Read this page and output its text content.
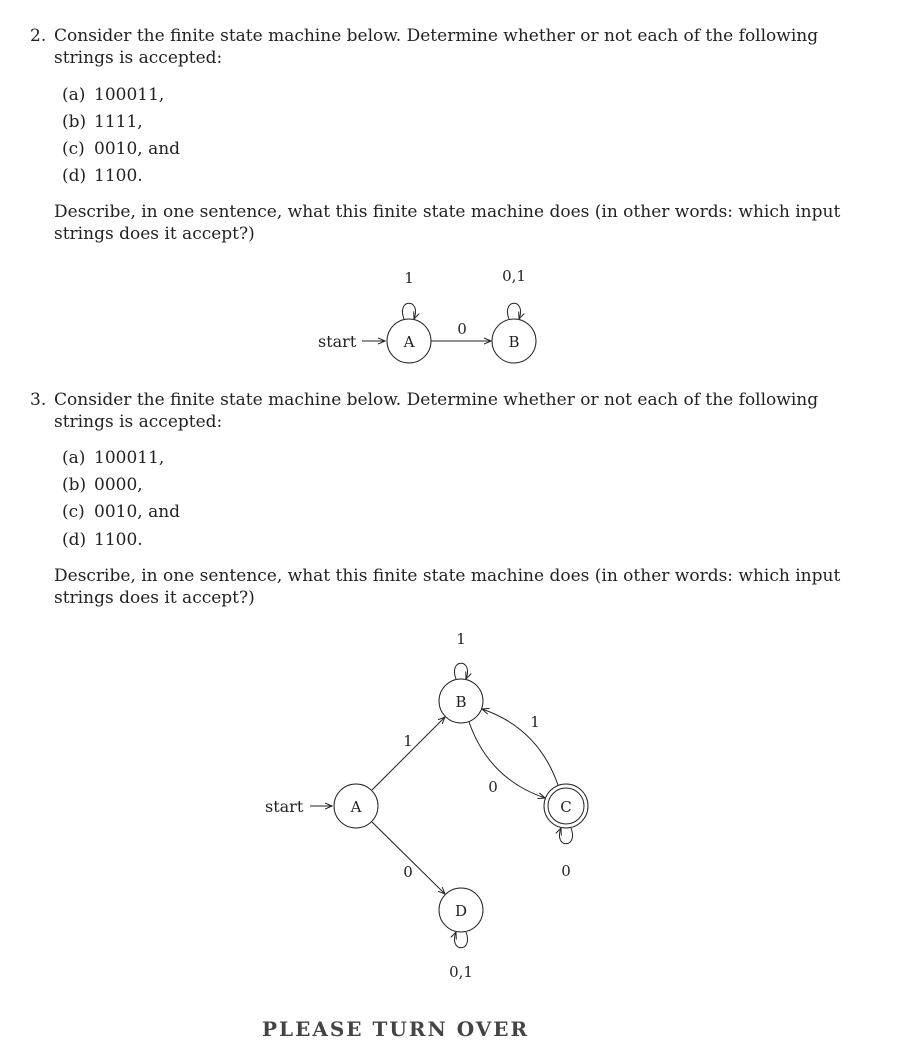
2. Consider the finite state machine below. Determine whether or not each of the following
strings is accepted:
(a) 100011,
(b) 1111,
(c) 0010, and
(d) 1100.
Describe, in one sentence, what this finite state machine does (in other words: which input
strings does it accept?)
3. Consider the finite state machine below. Determine whether or not each of the following
strings is accepted:
(a) 100011,
(b) 0000,
(c) 0010, and
(d) 1100.
Describe, in one sentence, what this finite state machine does (in other words: which input
strings does it accept?)
start	A
1
0
B
0,1
start	A
B
1
C
0
D
0,1
1
0
0
1
PLEASE TURN OVER
